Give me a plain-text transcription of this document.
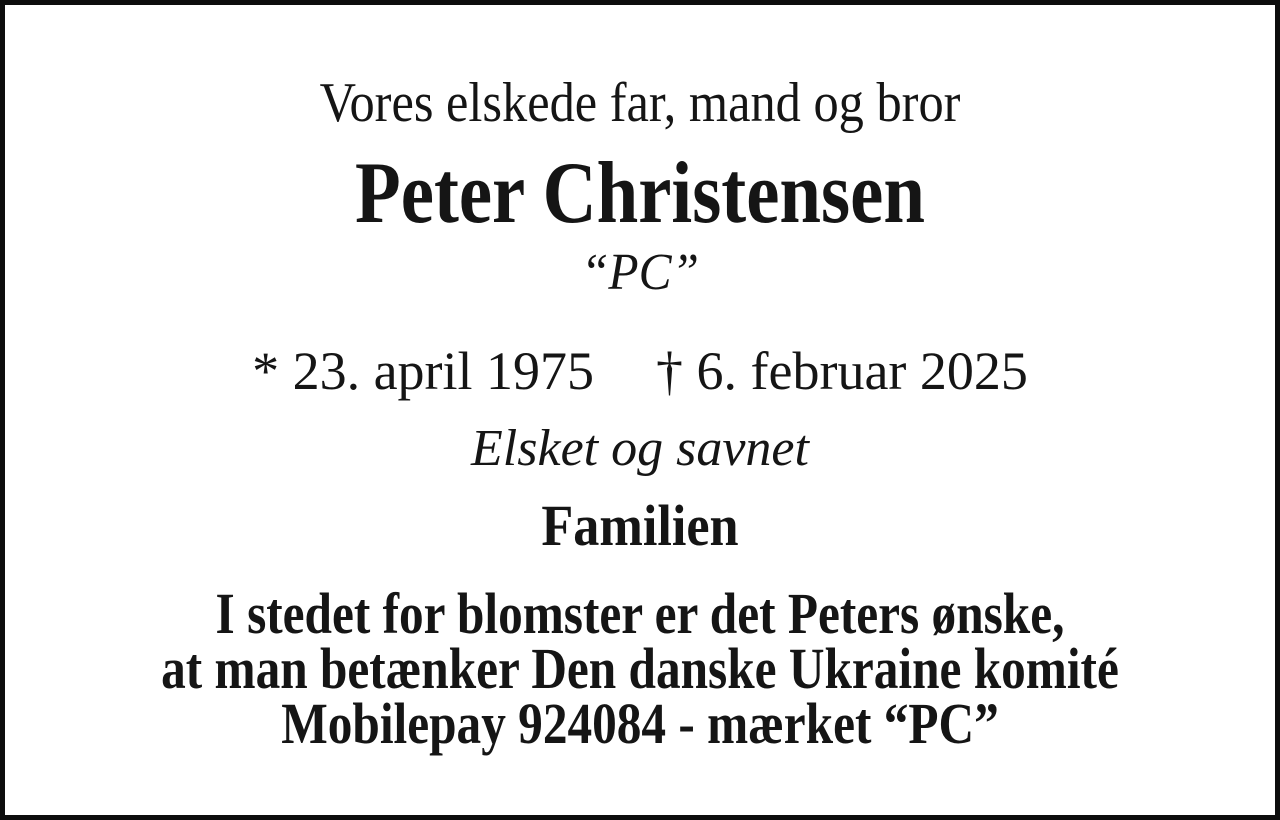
Vores elskede far, mand og bror
Peter Christensen
“PC”
* 23. april 1975 † 6. februar 2025
Elsket og savnet
Familien
I stedet for blomster er det Peters ønske,
at man betænker Den danske Ukraine komité
Mobilepay 924084 - mærket “PC”
